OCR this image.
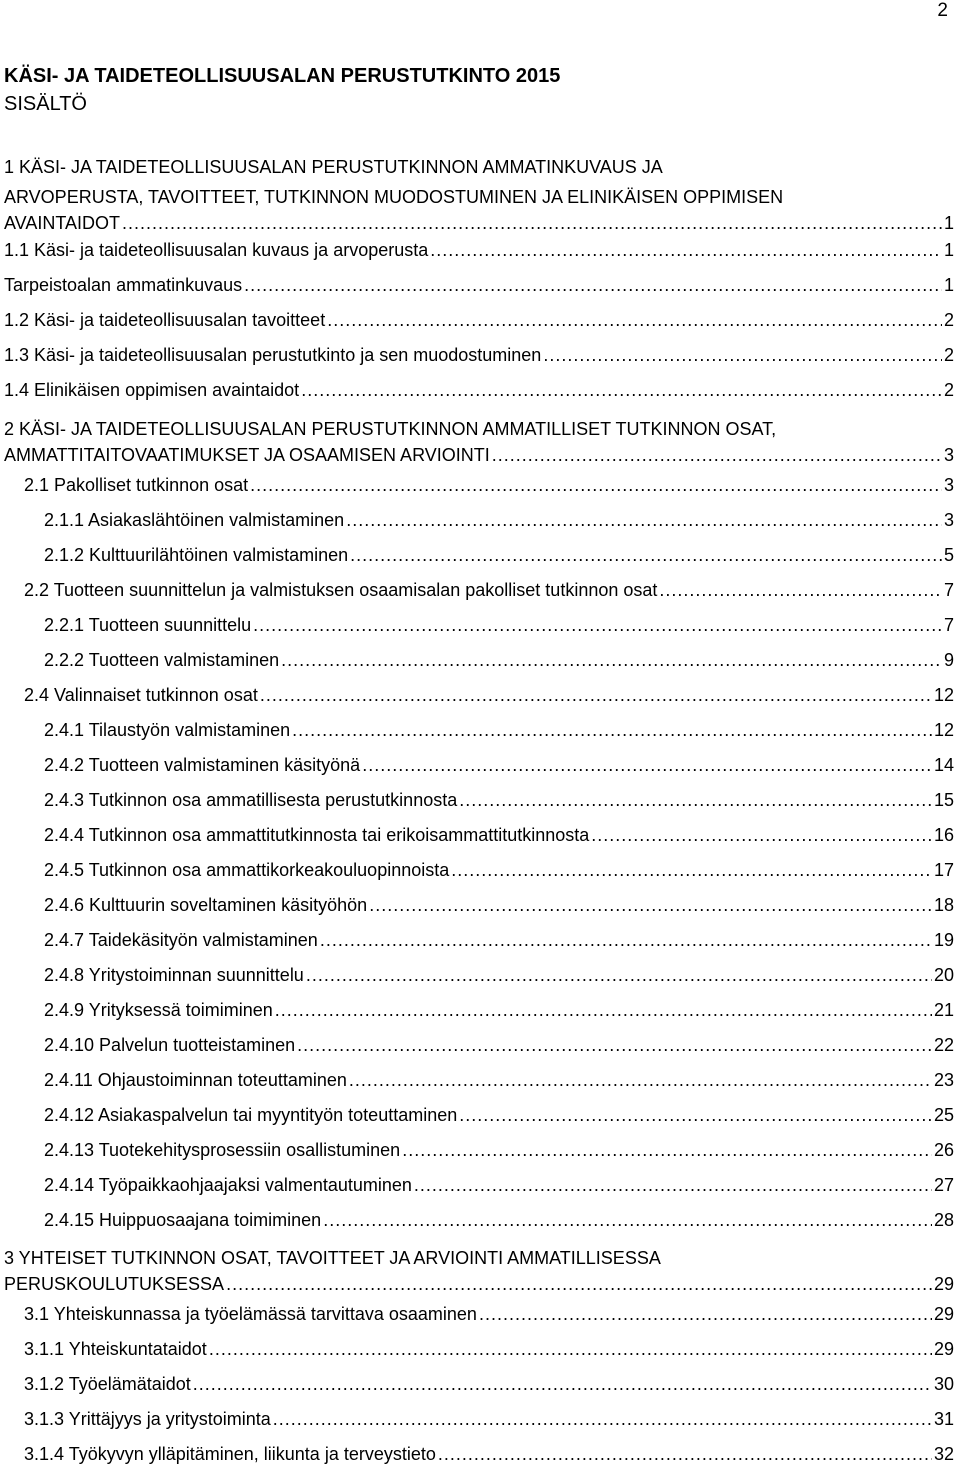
2
KÄSI- JA TAIDETEOLLISUUSALAN PERUSTUTKINTO 2015
SISÄLTÖ
1 KÄSI- JA TAIDETEOLLISUUSALAN PERUSTUTKINNON AMMATINKUVAUS JA
ARVOPERUSTA, TAVOITTEET, TUTKINNON MUODOSTUMINEN JA ELINIKÄISEN OPPIMISEN
AVAINTAIDOT .....	1
1.1 Käsi- ja taideteollisuusalan kuvaus ja arvoperusta .....	1
Tarpeistoalan ammatinkuvaus .....	1
1.2 Käsi- ja taideteollisuusalan tavoitteet .....	2
1.3 Käsi- ja taideteollisuusalan perustutkinto ja sen muodostuminen .....	2
1.4 Elinikäisen oppimisen avaintaidot .....	2
2 KÄSI- JA TAIDETEOLLISUUSALAN PERUSTUTKINNON AMMATILLISET TUTKINNON OSAT,
AMMATTITAITOVAATIMUKSET JA OSAAMISEN ARVIOINTI .....	3
2.1 Pakolliset tutkinnon osat .....	3
2.1.1 Asiakaslähtöinen valmistaminen .....	3
2.1.2 Kulttuurilähtöinen valmistaminen .....	5
2.2 Tuotteen suunnittelun ja valmistuksen osaamisalan pakolliset tutkinnon osat .....	7
2.2.1 Tuotteen suunnittelu .....	7
2.2.2 Tuotteen valmistaminen .....	9
2.4 Valinnaiset tutkinnon osat .....	12
2.4.1 Tilaustyön valmistaminen .....	12
2.4.2 Tuotteen valmistaminen käsityönä .....	14
2.4.3 Tutkinnon osa ammatillisesta perustutkinnosta .....	15
2.4.4 Tutkinnon osa ammattitutkinnosta tai erikoisammattitutkinnosta .....	16
2.4.5 Tutkinnon osa ammattikorkeakouluopinnoista .....	17
2.4.6 Kulttuurin soveltaminen käsityöhön .....	18
2.4.7 Taidekäsityön valmistaminen .....	19
2.4.8 Yritystoiminnan suunnittelu .....	20
2.4.9 Yrityksessä toimiminen .....	21
2.4.10 Palvelun tuotteistaminen .....	22
2.4.11 Ohjaustoiminnan toteuttaminen .....	23
2.4.12 Asiakaspalvelun tai myyntityön toteuttaminen .....	25
2.4.13 Tuotekehitysprosessiin osallistuminen .....	26
2.4.14 Työpaikkaohjaajaksi valmentautuminen .....	27
2.4.15 Huippuosaajana toimiminen .....	28
3 YHTEISET TUTKINNON OSAT, TAVOITTEET JA ARVIOINTI AMMATILLISESSA
PERUSKOULUTUKSESSA .....	29
3.1 Yhteiskunnassa ja työelämässä tarvittava osaaminen .....	29
3.1.1 Yhteiskuntataidot .....	29
3.1.2 Työelämätaidot .....	30
3.1.3 Yrittäjyys ja yritystoiminta .....	31
3.1.4 Työkyvyn ylläpitäminen, liikunta ja terveystieto .....	32
